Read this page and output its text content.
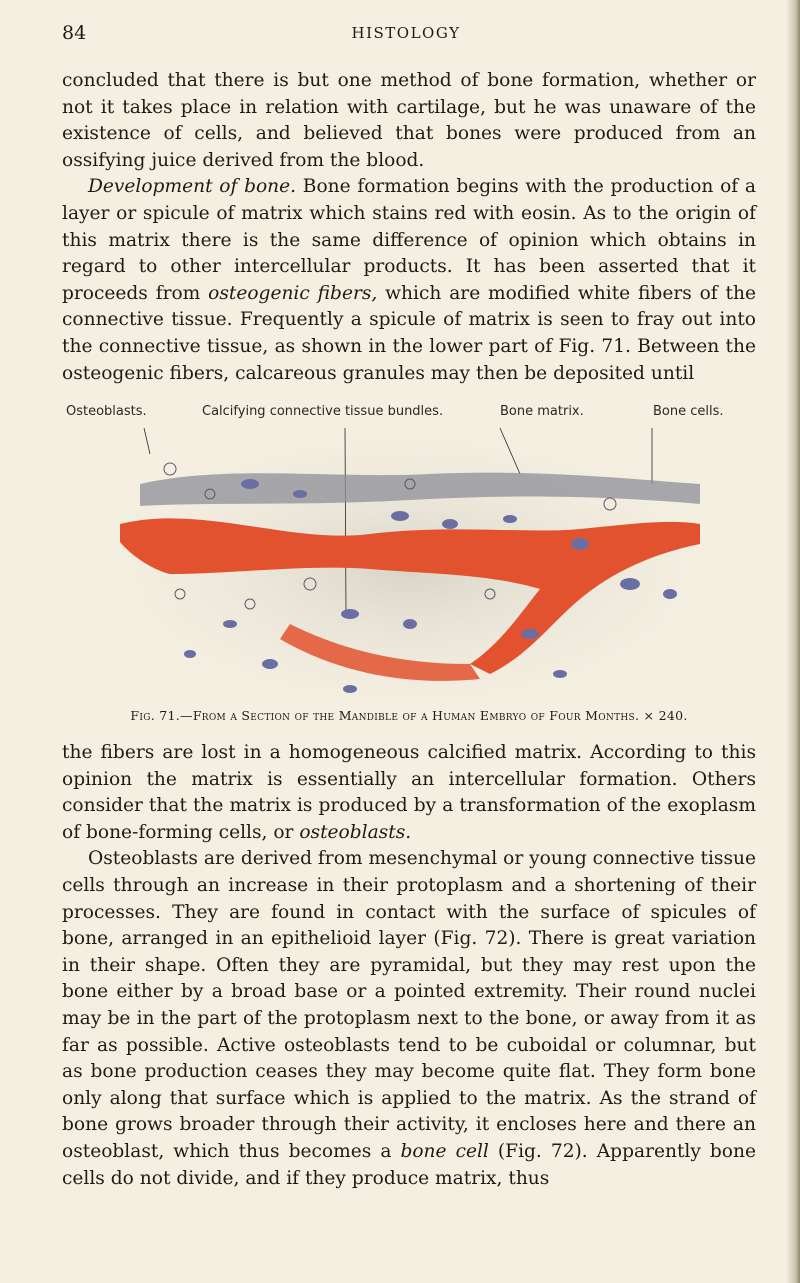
84	HISTOLOGY

concluded that there is but one method of bone formation, whether or not it takes place in relation with cartilage, but he was unaware of the existence of cells, and believed that bones were produced from an ossifying juice derived from the blood.

Development of bone. Bone formation begins with the production of a layer or spicule of matrix which stains red with eosin. As to the origin of this matrix there is the same difference of opinion which obtains in regard to other intercellular products. It has been asserted that it proceeds from osteogenic fibers, which are modified white fibers of the connective tissue. Frequently a spicule of matrix is seen to fray out into the connective tissue, as shown in the lower part of Fig. 71. Between the osteogenic fibers, calcareous granules may then be deposited until

Osteoblasts.	Calcifying connective tissue bundles.	Bone matrix.	Bone cells.
Fig. 71.—From a Section of the Mandible of a Human Embryo of Four Months. × 240.

the fibers are lost in a homogeneous calcified matrix. According to this opinion the matrix is essentially an intercellular formation. Others consider that the matrix is produced by a transformation of the exoplasm of bone-forming cells, or osteoblasts.

Osteoblasts are derived from mesenchymal or young connective tissue cells through an increase in their protoplasm and a shortening of their processes. They are found in contact with the surface of spicules of bone, arranged in an epithelioid layer (Fig. 72). There is great variation in their shape. Often they are pyramidal, but they may rest upon the bone either by a broad base or a pointed extremity. Their round nuclei may be in the part of the protoplasm next to the bone, or away from it as far as possible. Active osteoblasts tend to be cuboidal or columnar, but as bone production ceases they may become quite flat. They form bone only along that surface which is applied to the matrix. As the strand of bone grows broader through their activity, it encloses here and there an osteoblast, which thus becomes a bone cell (Fig. 72). Apparently bone cells do not divide, and if they produce matrix, thus
